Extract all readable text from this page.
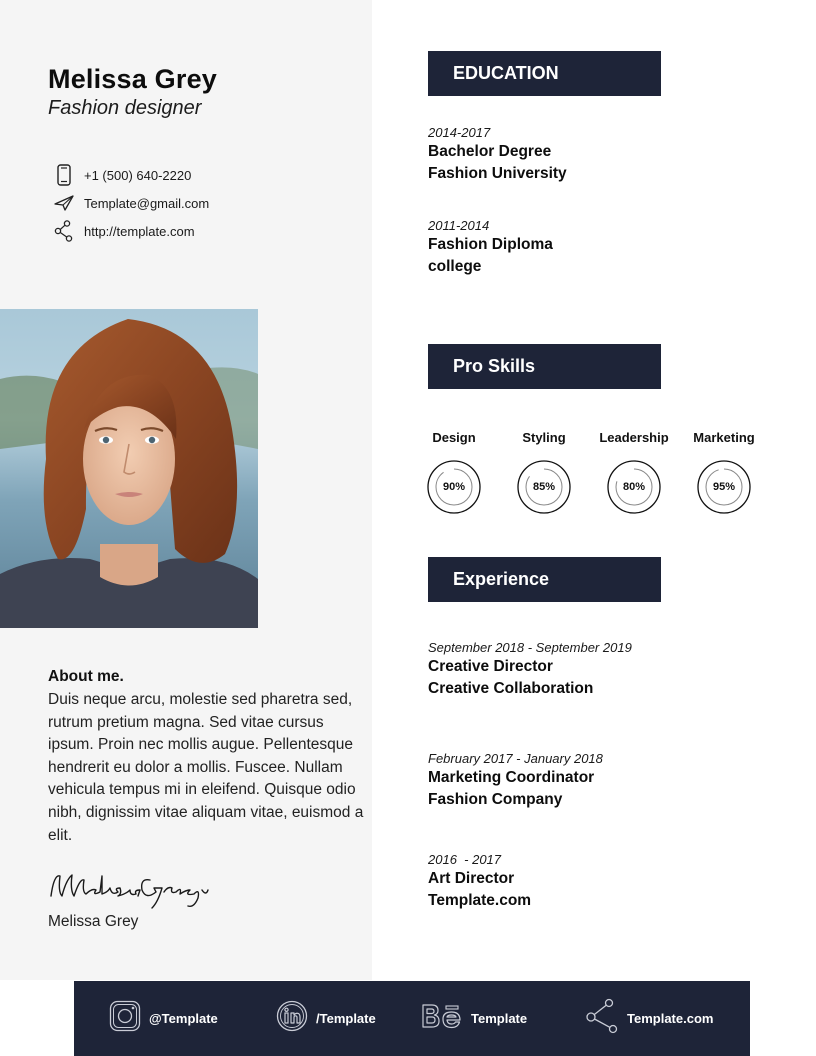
Melissa Grey
Fashion designer
+1 (500) 640-2220
Template@gmail.com
http://template.com
About me.
Duis neque arcu, molestie sed pharetra sed, rutrum pretium magna. Sed vitae cursus ipsum. Proin nec mollis augue. Pellentesque hendrerit eu dolor a mollis. Fuscee. Nullam vehicula tempus mi in eleifend. Quisque odio nibh, dignissim vitae aliquam vitae, euismod a elit.
Melissa Grey
EDUCATION
2014-2017
Bachelor Degree
Fashion University
2011-2014
Fashion Diploma
college
Pro Skills
Design
90%
Styling
85%
Leadership
80%
Marketing
95%
Experience
September 2018 - September 2019
Creative Director
Creative Collaboration
February 2017 - January 2018
Marketing Coordinator
Fashion Company
2016  - 2017
Art Director
Template.com
@Template	/Template	Template	Template.com
